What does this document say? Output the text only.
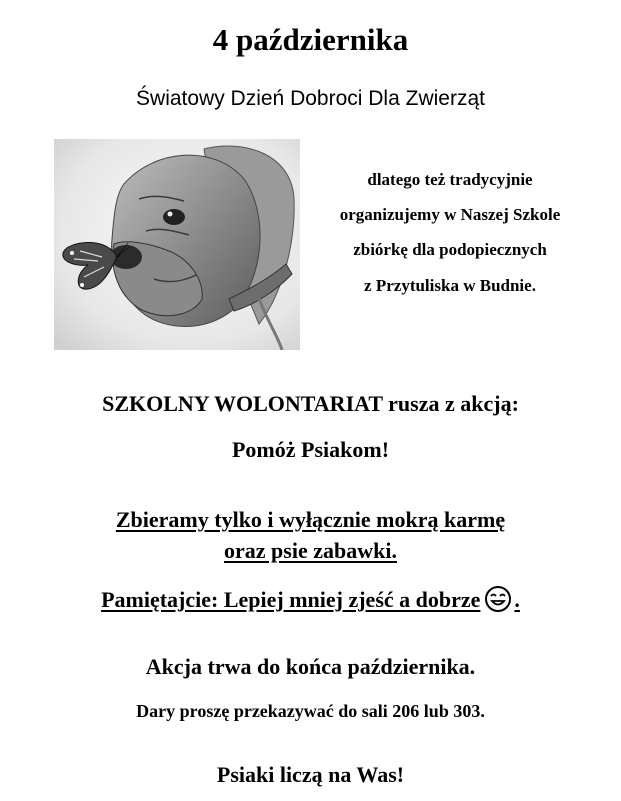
4 października
Światowy Dzień Dobroci Dla Zwierząt
dlatego też tradycyjnie
organizujemy w Naszej Szkole
zbiórkę dla podopiecznych
z Przytuliska w Budnie.
SZKOLNY WOLONTARIAT rusza z akcją:
Pomóż Psiakom!
Zbieramy tylko i wyłącznie mokrą karmę
oraz psie zabawki.
Pamiętajcie: Lepiej mniej zjeść a dobrze .
Akcja trwa do końca października.
Dary proszę przekazywać do sali 206 lub 303.
Psiaki liczą na Was!
